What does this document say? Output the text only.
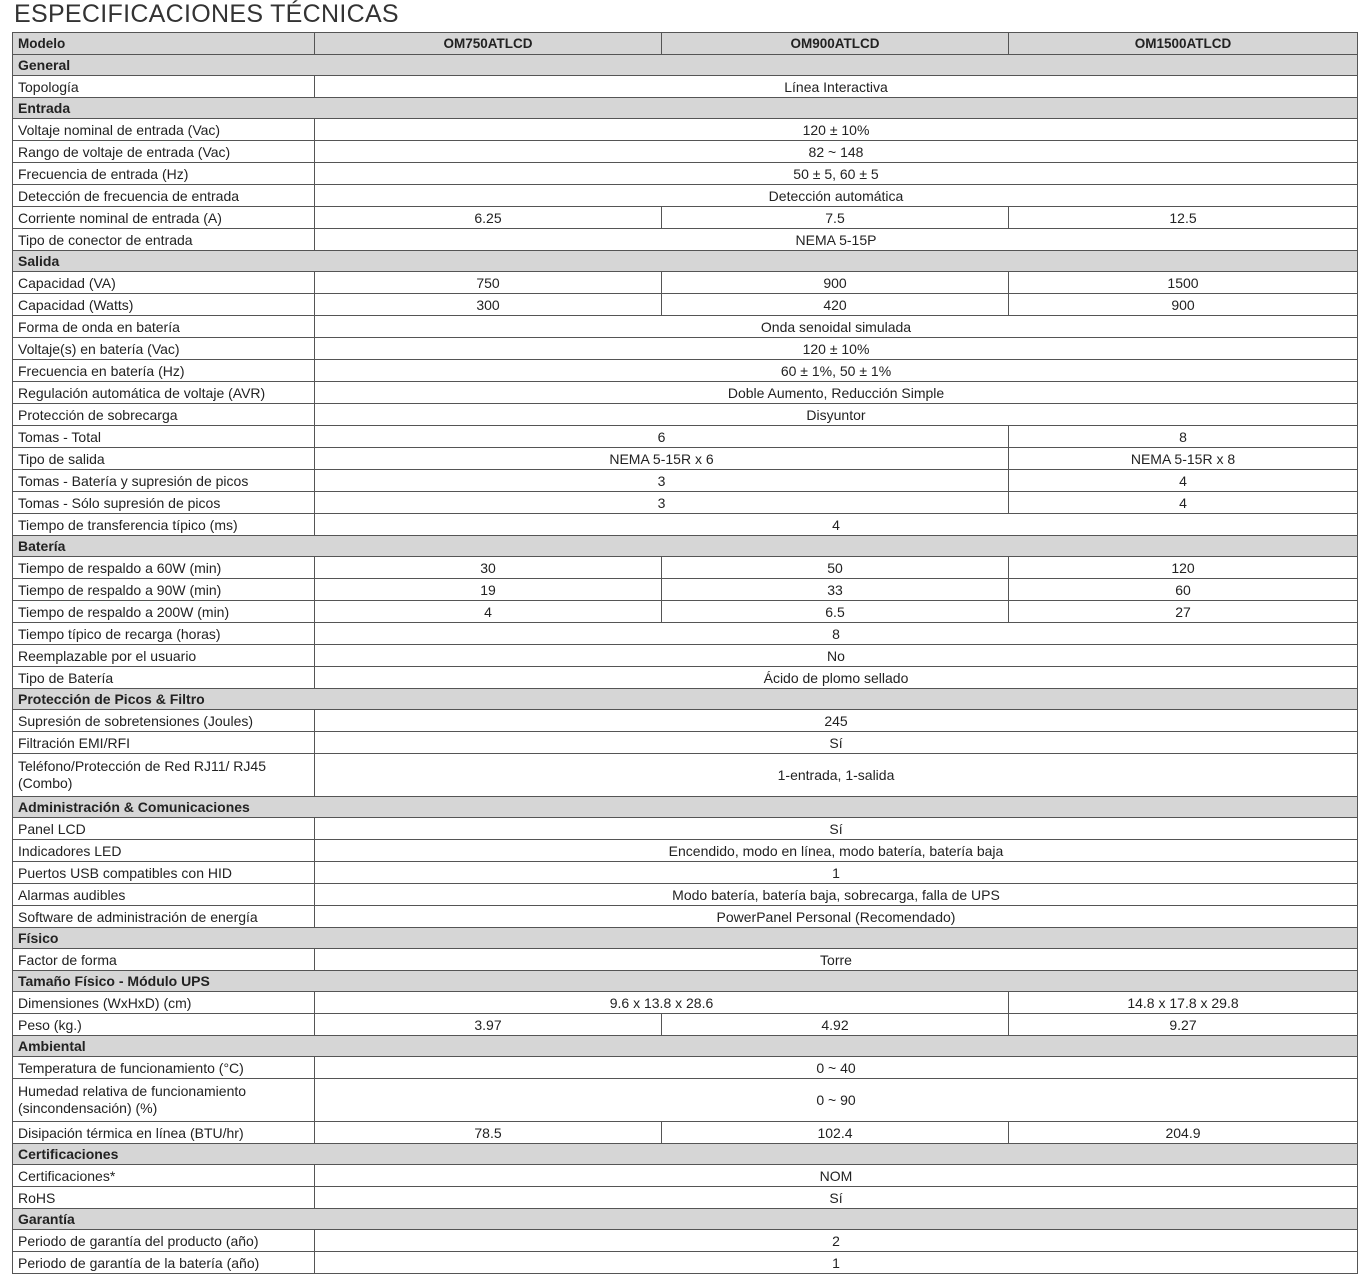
ESPECIFICACIONES TÉCNICAS
Modelo	OM750ATLCD	OM900ATLCD	OM1500ATLCD
General			
Topología	Línea Interactiva		
Entrada			
Voltaje nominal de entrada (Vac)	120 ± 10%		
Rango de voltaje de entrada (Vac)	82 ~ 148		
Frecuencia de entrada (Hz)	50 ± 5, 60 ± 5		
Detección de frecuencia de entrada	Detección automática		
Corriente nominal de entrada (A)	6.25	7.5	12.5
Tipo de conector de entrada	NEMA 5-15P		
Salida			
Capacidad (VA)	750	900	1500
Capacidad (Watts)	300	420	900
Forma de onda en batería	Onda senoidal simulada		
Voltaje(s) en batería (Vac)	120 ± 10%		
Frecuencia en batería (Hz)	60 ± 1%, 50 ± 1%		
Regulación automática de voltaje (AVR)	Doble Aumento, Reducción Simple		
Protección de sobrecarga	Disyuntor		
Tomas - Total	6		8
Tipo de salida	NEMA 5-15R x 6		NEMA 5-15R x 8
Tomas - Batería y supresión de picos	3		4
Tomas - Sólo supresión de picos	3		4
Tiempo de transferencia típico (ms)	4		
Batería			
Tiempo de respaldo a 60W (min)	30	50	120
Tiempo de respaldo a 90W (min)	19	33	60
Tiempo de respaldo a 200W (min)	4	6.5	27
Tiempo típico de recarga (horas)	8		
Reemplazable por el usuario	No		
Tipo de Batería	Ácido de plomo sellado		
Protección de Picos & Filtro			
Supresión de sobretensiones (Joules)	245		
Filtración EMI/RFI	Sí		
Teléfono/Protección de Red RJ11/ RJ45 (Combo)	1-entrada, 1-salida		
Administración & Comunicaciones			
Panel LCD	Sí		
Indicadores LED	Encendido, modo en línea, modo batería, batería baja		
Puertos USB compatibles con HID	1		
Alarmas audibles	Modo batería, batería baja, sobrecarga, falla de UPS		
Software de administración de energía	PowerPanel Personal (Recomendado)		
Físico			
Factor de forma	Torre		
Tamaño Físico - Módulo UPS			
Dimensiones (WxHxD) (cm)	9.6 x 13.8 x 28.6		14.8 x 17.8 x 29.8
Peso (kg.)	3.97	4.92	9.27
Ambiental			
Temperatura de funcionamiento (°C)	0 ~ 40		
Humedad relativa de funcionamiento (sincondensación) (%)	0 ~ 90		
Disipación térmica en línea (BTU/hr)	78.5	102.4	204.9
Certificaciones			
Certificaciones*	NOM		
RoHS	Sí		
Garantía			
Periodo de garantía del producto (año)	2		
Periodo de garantía de la batería (año)	1		
